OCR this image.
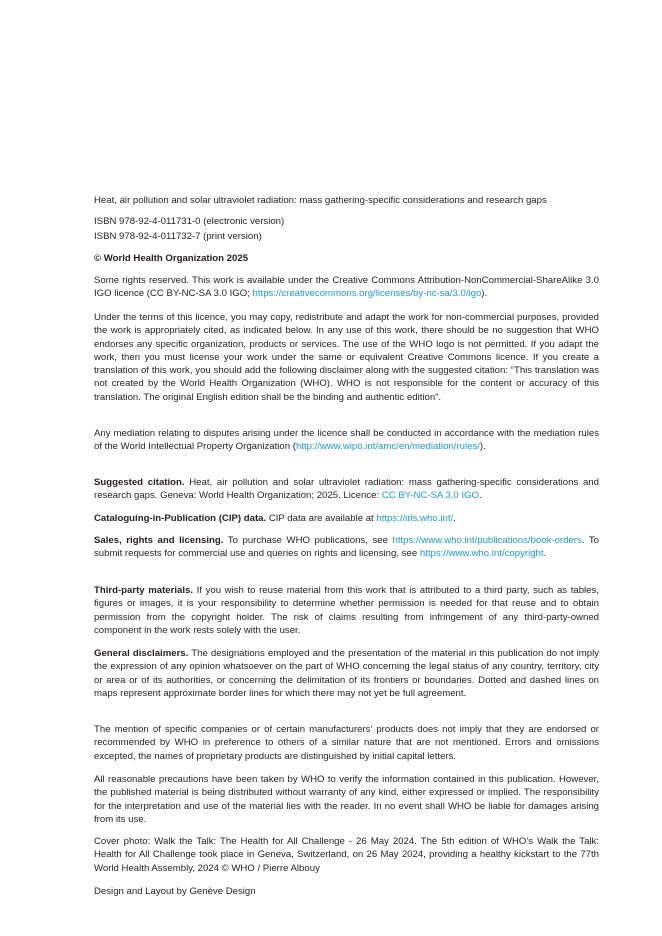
Heat, air pollution and solar ultraviolet radiation: mass gathering-specific considerations and research gaps

ISBN 978-92-4-011731-0 (electronic version)

ISBN 978-92-4-011732-7 (print version)

© World Health Organization 2025

Some rights reserved. This work is available under the Creative Commons Attribution-NonCommercial-ShareAlike 3.0 IGO licence (CC BY-NC-SA 3.0 IGO; https://creativecommons.org/licenses/by-nc-sa/3.0/igo).

Under the terms of this licence, you may copy, redistribute and adapt the work for non-commercial purposes, provided the work is appropriately cited, as indicated below. In any use of this work, there should be no suggestion that WHO endorses any specific organization, products or services. The use of the WHO logo is not permitted. If you adapt the work, then you must license your work under the same or equivalent Creative Commons licence. If you create a translation of this work, you should add the following disclaimer along with the suggested citation: “This translation was not created by the World Health Organization (WHO). WHO is not responsible for the content or accuracy of this translation. The original English edition shall be the binding and authentic edition”.

Any mediation relating to disputes arising under the licence shall be conducted in accordance with the mediation rules of the World Intellectual Property Organization (http://www.wipo.int/amc/en/mediation/rules/).

Suggested citation. Heat, air pollution and solar ultraviolet radiation: mass gathering-specific considerations and research gaps. Geneva: World Health Organization; 2025. Licence: CC BY-NC-SA 3.0 IGO.

Cataloguing-in-Publication (CIP) data. CIP data are available at https://iris.who.int/.

Sales, rights and licensing. To purchase WHO publications, see https://www.who.int/publications/book-orders. To submit requests for commercial use and queries on rights and licensing, see https://www.who.int/copyright.

Third-party materials. If you wish to reuse material from this work that is attributed to a third party, such as tables, figures or images, it is your responsibility to determine whether permission is needed for that reuse and to obtain permission from the copyright holder. The risk of claims resulting from infringement of any third-party-owned component in the work rests solely with the user.

General disclaimers. The designations employed and the presentation of the material in this publication do not imply the expression of any opinion whatsoever on the part of WHO concerning the legal status of any country, territory, city or area or of its authorities, or concerning the delimitation of its frontiers or boundaries. Dotted and dashed lines on maps represent approximate border lines for which there may not yet be full agreement.

The mention of specific companies or of certain manufacturers’ products does not imply that they are endorsed or recommended by WHO in preference to others of a similar nature that are not mentioned. Errors and omissions excepted, the names of proprietary products are distinguished by initial capital letters.

All reasonable precautions have been taken by WHO to verify the information contained in this publication. However, the published material is being distributed without warranty of any kind, either expressed or implied. The responsibility for the interpretation and use of the material lies with the reader. In no event shall WHO be liable for damages arising from its use.

Cover photo: Walk the Talk: The Health for All Challenge - 26 May 2024. The 5th edition of WHO’s Walk the Talk: Health for All Challenge took place in Geneva, Switzerland, on 26 May 2024, providing a healthy kickstart to the 77th World Health Assembly, 2024 © WHO / Pierre Albouy

Design and Layout by Genève Design
